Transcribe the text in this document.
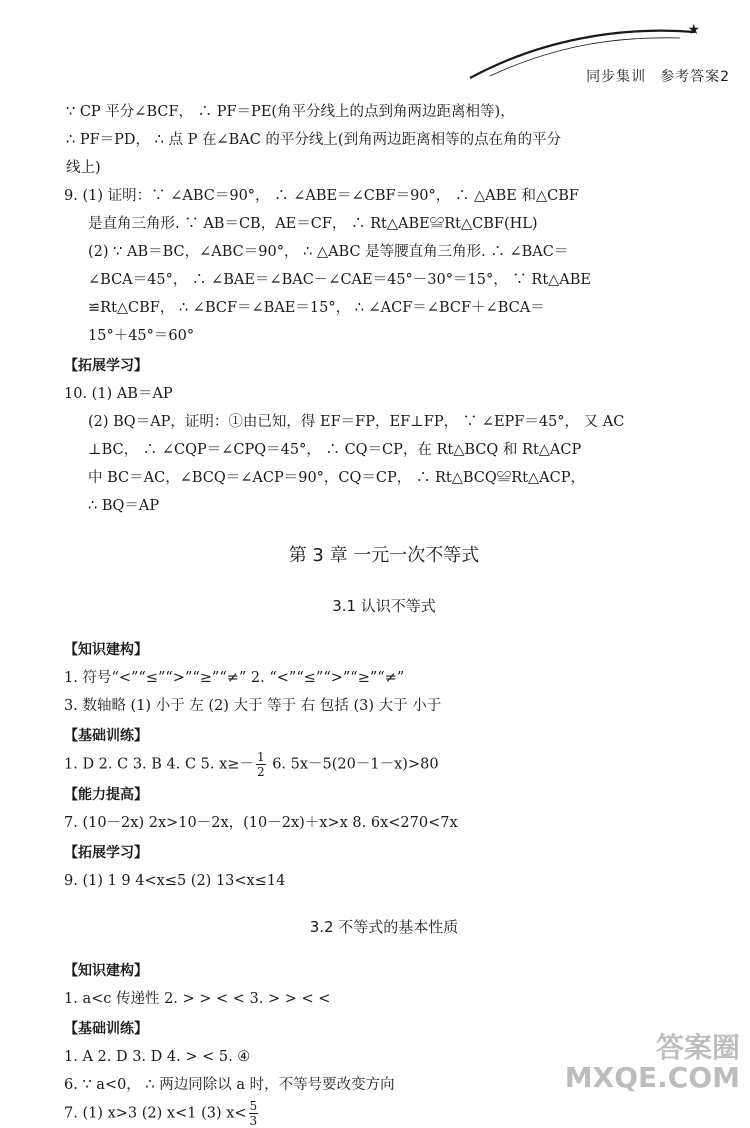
★
同步集训 参考答案2
∵ CP 平分∠BCF， ∴ PF＝PE(角平分线上的点到角两边距离相等)，
∴ PF＝PD， ∴ 点 P 在∠BAC 的平分线上(到角两边距离相等的点在角的平分
线上)
9. (1) 证明：∵ ∠ABC＝90°， ∴ ∠ABE＝∠CBF＝90°， ∴ △ABE 和△CBF
是直角三角形. ∵ AB＝CB，AE＝CF， ∴ Rt△ABE≌Rt△CBF(HL)
(2) ∵ AB＝BC，∠ABC＝90°， ∴ △ABC 是等腰直角三角形. ∴ ∠BAC＝
∠BCA＝45°， ∴ ∠BAE＝∠BAC－∠CAE＝45°－30°＝15°， ∵ Rt△ABE
≌Rt△CBF， ∴ ∠BCF＝∠BAE＝15°， ∴ ∠ACF＝∠BCF＋∠BCA＝
15°＋45°＝60°
【拓展学习】
10. (1) AB＝AP
(2) BQ＝AP，证明：①由已知，得 EF＝FP，EF⊥FP， ∵ ∠EPF＝45°， 又 AC
⊥BC， ∴ ∠CQP＝∠CPQ＝45°， ∴ CQ＝CP，在 Rt△BCQ 和 Rt△ACP
中 BC＝AC，∠BCQ＝∠ACP＝90°，CQ＝CP， ∴ Rt△BCQ≌Rt△ACP，
∴ BQ＝AP
第 3 章 一元一次不等式
3.1 认识不等式
【知识建构】
1. 符号“<”“≤”“>”“≥”“≠” 2. “<”“≤”“>”“≥”“≠”
3. 数轴略 (1) 小于 左 (2) 大于 等于 右 包括 (3) 大于 小于
【基础训练】
1. D 2. C 3. B 4. C 5. $x\ge- \frac{1}{2} 6$. 5x－5(20－1－x)>80
【能力提高】
7. (10－2x) 2x>10－2x，(10－2x)＋x>x 8. 6x<270<7x
【拓展学习】
9. (1) 1 9 4<x≤5 (2) 13<x≤14
3.2 不等式的基本性质
【知识建构】
1. a<c 传递性 2. > > < < 3. > > < <
【基础训练】
1. A 2. D 3. D 4. > < 5. ④
6. ∵ a<0， ∴ 两边同除以 a 时，不等号要改变方向
7. (1) x>3 (2) x<1 (3) $x< \frac{5}{3}$
答案圈
MXQE.COM
